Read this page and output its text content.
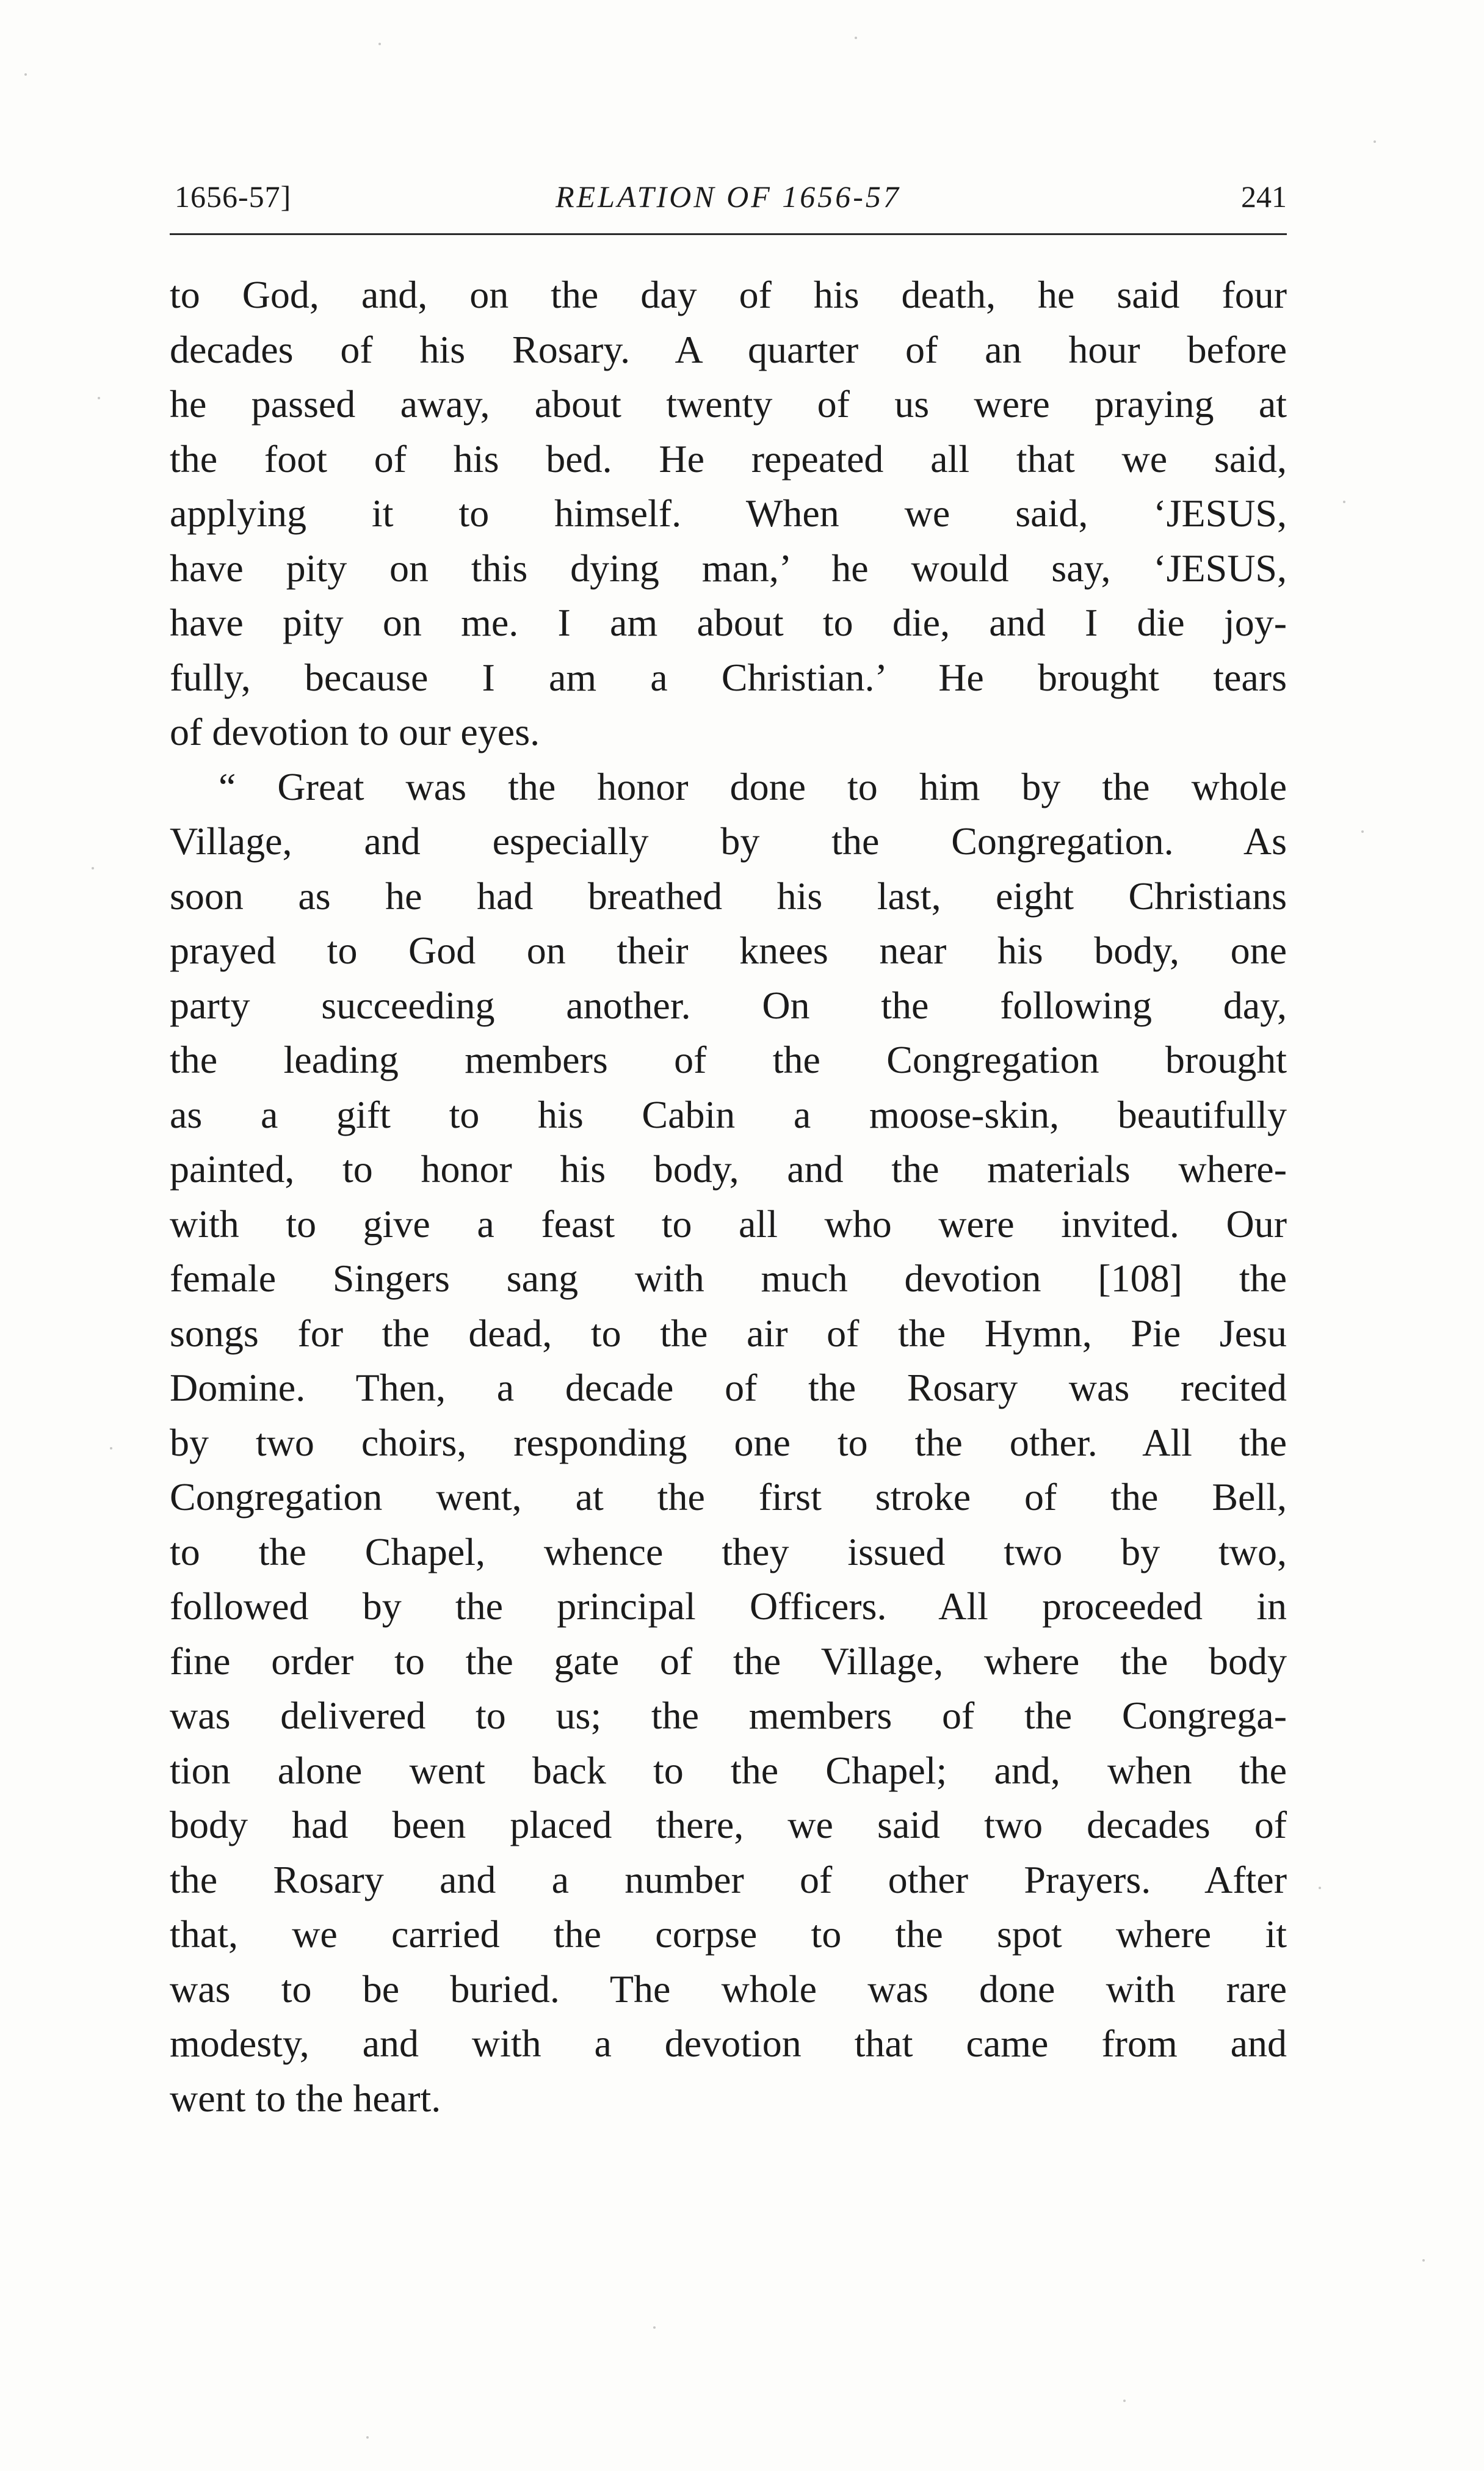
1656-57]	RELATION OF 1656-57	241

to God, and, on the day of his death, he said four
decades of his Rosary. A quarter of an hour before
he passed away, about twenty of us were praying at
the foot of his bed. He repeated all that we said,
applying it to himself. When we said, ‘JESUS,
have pity on this dying man,’ he would say, ‘JESUS,
have pity on me. I am about to die, and I die joy-
fully, because I am a Christian.’ He brought tears
of devotion to our eyes.

“ Great was the honor done to him by the whole
Village, and especially by the Congregation. As
soon as he had breathed his last, eight Christians
prayed to God on their knees near his body, one
party succeeding another. On the following day,
the leading members of the Congregation brought
as a gift to his Cabin a moose-skin, beautifully
painted, to honor his body, and the materials where-
with to give a feast to all who were invited. Our
female Singers sang with much devotion [108] the
songs for the dead, to the air of the Hymn, Pie Jesu
Domine. Then, a decade of the Rosary was recited
by two choirs, responding one to the other. All the
Congregation went, at the first stroke of the Bell,
to the Chapel, whence they issued two by two,
followed by the principal Officers. All proceeded in
fine order to the gate of the Village, where the body
was delivered to us; the members of the Congrega-
tion alone went back to the Chapel; and, when the
body had been placed there, we said two decades of
the Rosary and a number of other Prayers. After
that, we carried the corpse to the spot where it
was to be buried. The whole was done with rare
modesty, and with a devotion that came from and
went to the heart.
